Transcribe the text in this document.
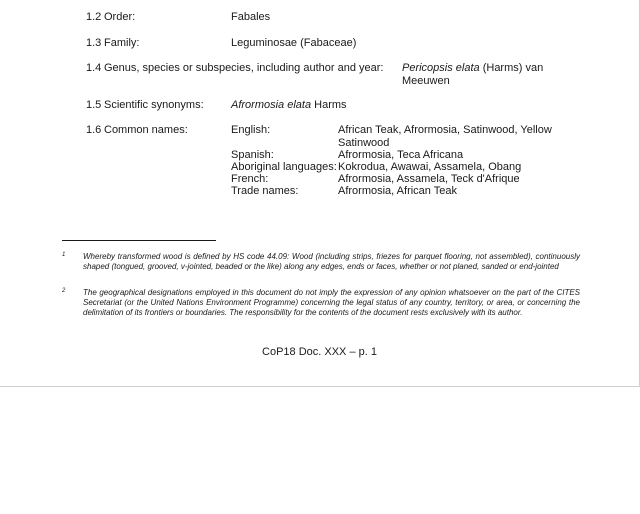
1.2 Order:	Fabales
1.3 Family:	Leguminosae (Fabaceae)
1.4 Genus, species or subspecies, including author and year: Pericopsis elata (Harms) van Meeuwen
1.5 Scientific synonyms: Afrormosia elata Harms
1.6 Common names:	English:	African Teak, Afrormosia, Satinwood, Yellow Satinwood
Spanish:	Afrormosia, Teca Africana
Aboriginal languages: Kokrodua, Awawai, Assamela, Obang
French:	Afrormosia, Assamela, Teck d'Afrique
Trade names:	Afrormosia, African Teak
1 Whereby transformed wood is defined by HS code 44.09: Wood (including strips, friezes for parquet flooring, not assembled), continuously shaped (tongued, grooved, v-jointed, beaded or the like) along any edges, ends or faces, whether or not planed, sanded or end-jointed
2 The geographical designations employed in this document do not imply the expression of any opinion whatsoever on the part of the CITES Secretariat (or the United Nations Environment Programme) concerning the legal status of any country, territory, or area, or concerning the delimitation of its frontiers or boundaries. The responsibility for the contents of the document rests exclusively with its author.
CoP18 Doc. XXX – p. 1
